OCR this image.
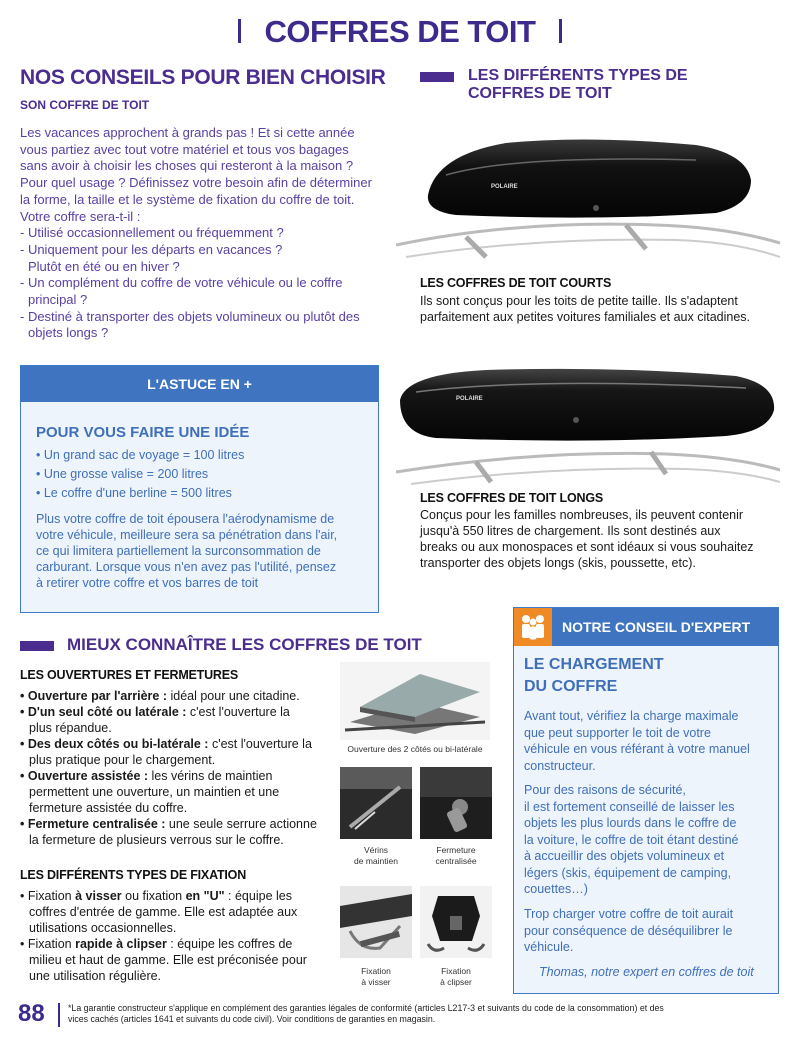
COFFRES DE TOIT
NOS CONSEILS POUR BIEN CHOISIR
SON COFFRE DE TOIT
Les vacances approchent à grands pas ! Et si cette année
vous partiez avec tout votre matériel et tous vos bagages
sans avoir à choisir les choses qui resteront à la maison ?
Pour quel usage ? Définissez votre besoin afin de déterminer
la forme, la taille et le système de fixation du coffre de toit.
Votre coffre sera-t-il :
- Utilisé occasionnellement ou fréquemment ?
- Uniquement pour les départs en vacances ?
Plutôt en été ou en hiver ?
- Un complément du coffre de votre véhicule ou le coffre
principal ?
- Destiné à transporter des objets volumineux ou plutôt des
objets longs ?
L'ASTUCE EN +
POUR VOUS FAIRE UNE IDÉE
• Un grand sac de voyage = 100 litres
• Une grosse valise = 200 litres
• Le coffre d'une berline = 500 litres
Plus votre coffre de toit épousera l'aérodynamisme de
votre véhicule, meilleure sera sa pénétration dans l'air,
ce qui limitera partiellement la surconsommation de
carburant. Lorsque vous n'en avez pas l'utilité, pensez
à retirer votre coffre et vos barres de toit
LES DIFFÉRENTS TYPES DE
COFFRES DE TOIT
POLAIRE
LES COFFRES DE TOIT COURTS
Ils sont conçus pour les toits de petite taille. Ils s'adaptent
parfaitement aux petites voitures familiales et aux citadines.
POLAIRE
LES COFFRES DE TOIT LONGS
Conçus pour les familles nombreuses, ils peuvent contenir
jusqu'à 550 litres de chargement. Ils sont destinés aux
breaks ou aux monospaces et sont idéaux si vous souhaitez
transporter des objets longs (skis, poussette, etc).
MIEUX CONNAÎTRE LES COFFRES DE TOIT
LES OUVERTURES ET FERMETURES
• Ouverture par l'arrière : idéal pour une citadine.
• D'un seul côté ou latérale : c'est l'ouverture la
plus répandue.
• Des deux côtés ou bi-latérale : c'est l'ouverture la
plus pratique pour le chargement.
• Ouverture assistée : les vérins de maintien
permettent une ouverture, un maintien et une
fermeture assistée du coffre.
• Fermeture centralisée : une seule serrure actionne
la fermeture de plusieurs verrous sur le coffre.
LES DIFFÉRENTS TYPES DE FIXATION
• Fixation à visser ou fixation en "U" : équipe les
coffres d'entrée de gamme. Elle est adaptée aux
utilisations occasionnelles.
• Fixation rapide à clipser : équipe les coffres de
milieu et haut de gamme. Elle est préconisée pour
une utilisation régulière.
Ouverture des 2 côtés ou bi-latérale
Vérins
de maintien
Fermeture
centralisée
Fixation
à visser
Fixation
à clipser
NOTRE CONSEIL D'EXPERT
LE CHARGEMENT
DU COFFRE
Avant tout, vérifiez la charge maximale
que peut supporter le toit de votre
véhicule en vous référant à votre manuel
constructeur.
Pour des raisons de sécurité,
il est fortement conseillé de laisser les
objets les plus lourds dans le coffre de
la voiture, le coffre de toit étant destiné
à accueillir des objets volumineux et
légers (skis, équipement de camping,
couettes…)
Trop charger votre coffre de toit aurait
pour conséquence de déséquilibrer le
véhicule.
Thomas, notre expert en coffres de toit
88	*La garantie constructeur s'applique en complément des garanties légales de conformité (articles L217-3 et suivants du code de la consommation) et des
vices cachés (articles 1641 et suivants du code civil). Voir conditions de garanties en magasin.
